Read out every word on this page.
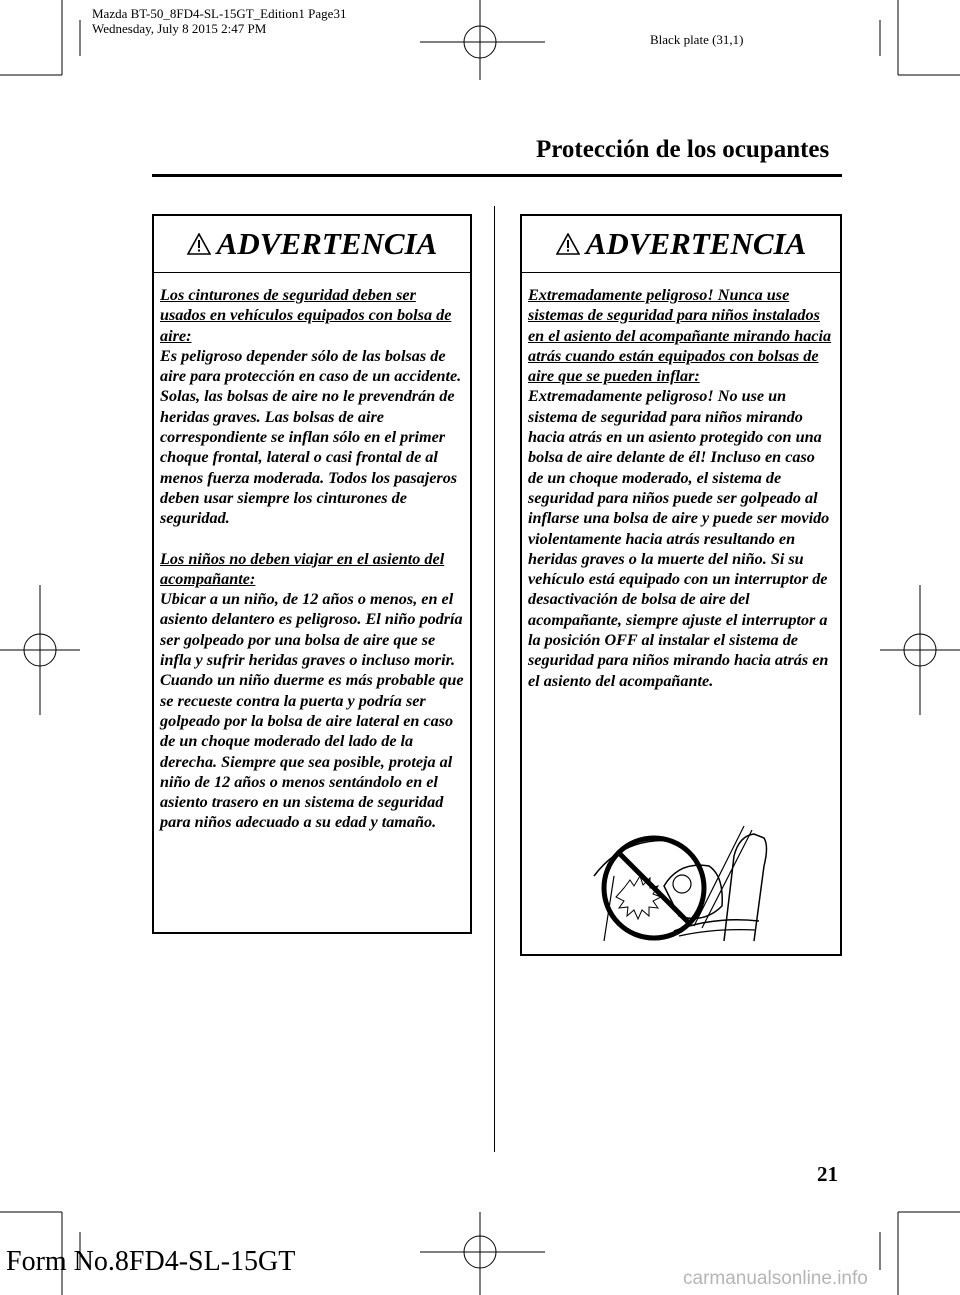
Mazda BT-50_8FD4-SL-15GT_Edition1 Page31
Wednesday, July 8 2015 2:47 PM
Black plate (31,1)
Protección de los ocupantes
ADVERTENCIA

Los cinturones de seguridad deben ser usados en vehículos equipados con bolsa de aire:

Es peligroso depender sólo de las bolsas de aire para protección en caso de un accidente. Solas, las bolsas de aire no le prevendrán de heridas graves. Las bolsas de aire correspondiente se inflan sólo en el primer choque frontal, lateral o casi frontal de al menos fuerza moderada. Todos los pasajeros deben usar siempre los cinturones de seguridad.

Los niños no deben viajar en el asiento del acompañante:

Ubicar a un niño, de 12 años o menos, en el asiento delantero es peligroso. El niño podría ser golpeado por una bolsa de aire que se infla y sufrir heridas graves o incluso morir. Cuando un niño duerme es más probable que se recueste contra la puerta y podría ser golpeado por la bolsa de aire lateral en caso de un choque moderado del lado de la derecha. Siempre que sea posible, proteja al niño de 12 años o menos sentándolo en el asiento trasero en un sistema de seguridad para niños adecuado a su edad y tamaño.

ADVERTENCIA

Extremadamente peligroso! Nunca use sistemas de seguridad para niños instalados en el asiento del acompañante mirando hacia atrás cuando están equipados con bolsas de aire que se pueden inflar:

Extremadamente peligroso! No use un sistema de seguridad para niños mirando hacia atrás en un asiento protegido con una bolsa de aire delante de él! Incluso en caso de un choque moderado, el sistema de seguridad para niños puede ser golpeado al inflarse una bolsa de aire y puede ser movido violentamente hacia atrás resultando en heridas graves o la muerte del niño. Si su vehículo está equipado con un interruptor de desactivación de bolsa de aire del acompañante, siempre ajuste el interruptor a la posición OFF al instalar el sistema de seguridad para niños mirando hacia atrás en el asiento del acompañante.

21
Form No.8FD4-SL-15GT
carmanualsonline.info
